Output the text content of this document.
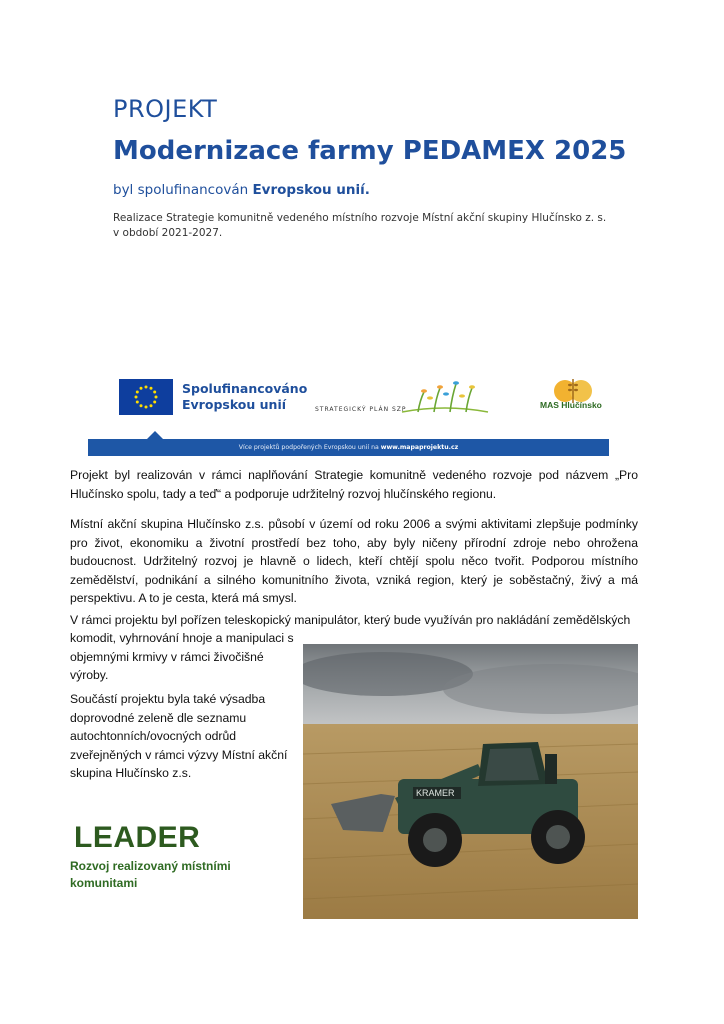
PROJEKT
Modernizace farmy PEDAMEX 2025
byl spolufinancován Evropskou unií.
Realizace Strategie komunitně vedeného místního rozvoje Místní akční skupiny Hlučínsko z. s.
v období 2021-2027.
Spolufinancováno
Evropskou unií	STRATEGICKÝ PLÁN SZP	MAS Hlučínsko
Více projektů podpořených Evropskou unií na www.mapaprojektu.cz
Projekt byl realizován v rámci naplňování Strategie komunitně vedeného rozvoje pod názvem „Pro Hlučínsko spolu, tady a teď“ a podporuje udržitelný rozvoj hlučínského regionu.
Místní akční skupina Hlučínsko z.s. působí v území od roku 2006 a svými aktivitami zlepšuje podmínky pro život, ekonomiku a životní prostředí bez toho, aby byly ničeny přírodní zdroje nebo ohrožena budoucnost. Udržitelný rozvoj je hlavně o lidech, kteří chtějí spolu něco tvořit. Podporou místního zemědělství, podnikání a silného komunitního života, vzniká region, který je soběstačný, živý a má perspektivu. A to je cesta, která má smysl.
V rámci projektu byl pořízen teleskopický manipulátor, který bude využíván pro nakládání zemědělských
komodit, vyhrnování hnoje a manipulaci s objemnými krmivy v rámci živočišné výroby.
Součástí projektu byla také výsadba doprovodné zeleně dle seznamu autochtonních/ovocných odrůd zveřejněných v rámci výzvy Místní akční skupina Hlučínsko z.s.
KRAMER
LEADER
Rozvoj realizovaný místními komunitami
